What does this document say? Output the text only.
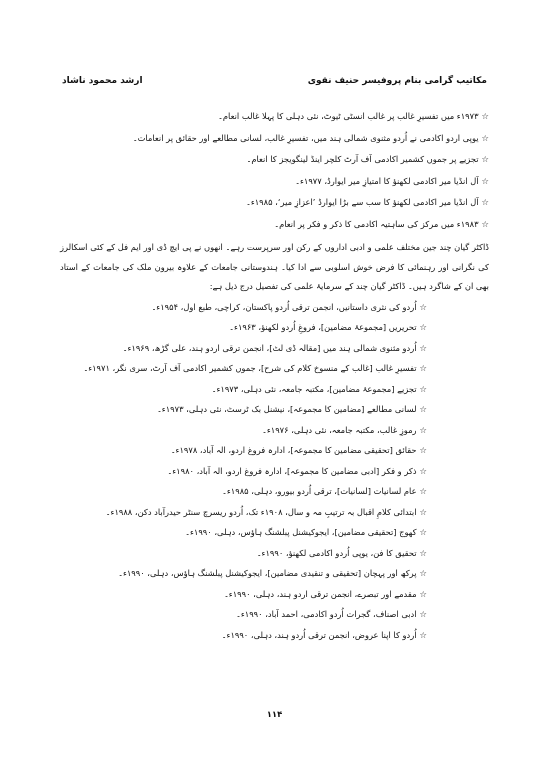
مکاتیب گرامی بنام پروفیسر حنیف نقوی
ارشد محمود ناشاد
☆۱۹۷۳ء میں تفسیرِ غالب پر غالب انسٹی ٹیوٹ، نئی دہلی کا پہلا غالب انعام۔
☆یوپی اردو اکادمی نے اُردو مثنوی شمالی ہند میں، تفسیرِ غالب، لسانی مطالعے اور حقائق پر انعامات۔
☆تجزیے پر جموں کشمیر اکادمی آف آرٹ کلچر اینڈ لینگویجز کا انعام۔
☆آل انڈیا میر اکادمی لکھنؤ کا امتیازِ میر ایوارڈ، ۱۹۷۷ء۔
☆آل انڈیا میر اکادمی لکھنؤ کا سب سے بڑا ایوارڈ ’اعزازِ میر‘، ۱۹۸۵ء۔
☆۱۹۸۳ء میں مرکز کی ساہتیہ اکادمی کا ذکر و فکر پر انعام۔
ڈاکٹر گیان چند جین مختلف علمی و ادبی اداروں کے رکن اور سرپرست رہے۔ انھوں نے پی ایچ ڈی اور ایم فل کے کئی اسکالرز کی نگرانی اور رہنمائی کا فرض خوش اسلوبی سے ادا کیا۔ ہندوستانی جامعات کے علاوہ بیرون ملک کی جامعات کے استاد بھی ان کے شاگرد ہیں۔ ڈاکٹر گیان چند کے سرمایۂ علمی کی تفصیل درج ذیل ہے:
☆اُردو کی نثری داستانیں، انجمن ترقی اُردو پاکستان، کراچی، طبع اول، ۱۹۵۴ء۔
☆تحریریں [مجموعۂ مضامین]، فروغِ اُردو لکھنؤ، ۱۹۶۳ء۔
☆اُردو مثنوی شمالی ہند میں [مقالہ ڈی لٹ]، انجمن ترقی اردو ہند، علی گڑھ، ۱۹۶۹ء۔
☆تفسیرِ غالب [غالب کے منسوخ کلام کی شرح]، جموں کشمیر اکادمی آف آرٹ، سری نگر، ۱۹۷۱ء۔
☆تجزیے [مجموعۂ مضامین]، مکتبہ جامعہ، نئی دہلی، ۱۹۷۳ء۔
☆لسانی مطالعے [مضامین کا مجموعہ]، نیشنل بک ٹرسٹ، نئی دہلی، ۱۹۷۳ء۔
☆رموزِ غالب، مکتبہ جامعہ، نئی دہلی، ۱۹۷۶ء۔
☆حقائق [تحقیقی مضامین کا مجموعہ]، ادارہ فروغ اردو، الہ آباد، ۱۹۷۸ء۔
☆ذکر و فکر [ادبی مضامین کا مجموعہ]، ادارہ فروغ اردو، الہ آباد، ۱۹۸۰ء۔
☆عام لسانیات [لسانیات]، ترقی اُردو بیورو، دہلی، ۱۹۸۵ء۔
☆ابتدائی کلامِ اقبال بہ ترتیبِ مہ و سال، ۱۹۰۸ء تک، اُردو ریسرچ سنٹر حیدرآباد دکن، ۱۹۸۸ء۔
☆کھوج [تحقیقی مضامین]، ایجوکیشنل پبلشنگ ہاؤس، دہلی، ۱۹۹۰ء۔
☆تحقیق کا فن، یوپی اُردو اکادمی لکھنؤ، ۱۹۹۰ء۔
☆پرکھ اور پہچان [تحقیقی و تنقیدی مضامین]، ایجوکیشنل پبلشنگ ہاؤس، دہلی، ۱۹۹۰ء۔
☆مقدمے اور تبصرے، انجمن ترقی اردو ہند، دہلی، ۱۹۹۰ء۔
☆ادبی اصناف، گجرات اُردو اکادمی، احمد آباد، ۱۹۹۰ء۔
☆اُردو کا اپنا عروض، انجمن ترقی اُردو ہند، دہلی، ۱۹۹۰ء۔
۱۱۴
